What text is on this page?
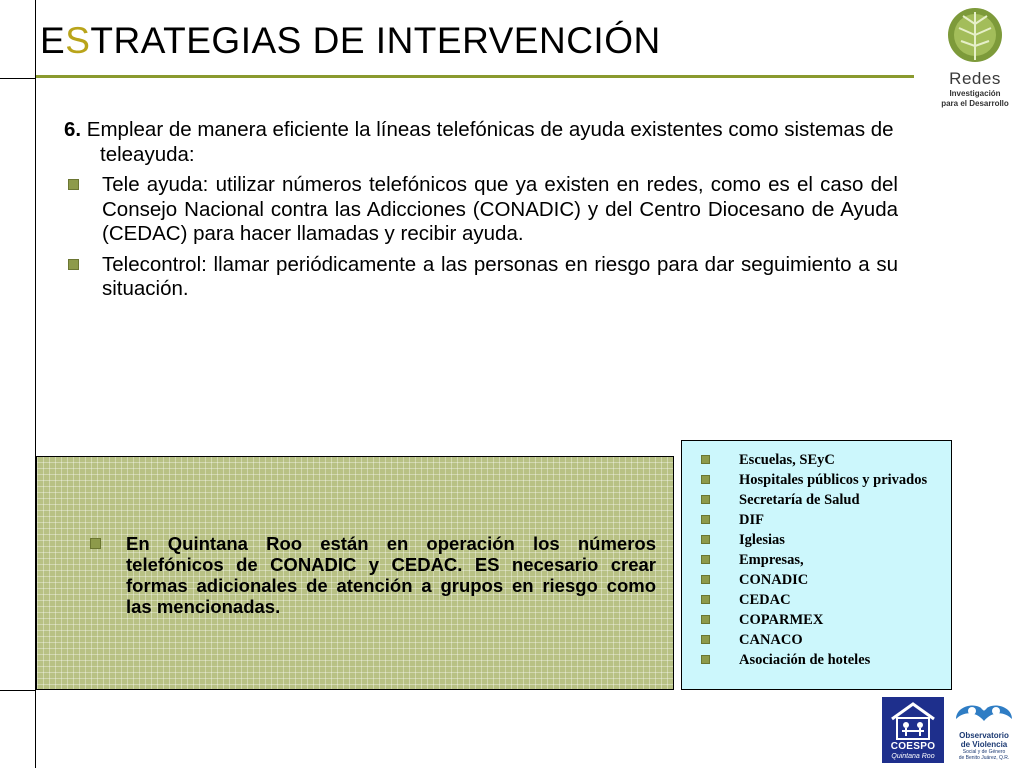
ESTRATEGIAS DE INTERVENCIÓN
Redes
Investigación
para el Desarrollo

6. Emplear de manera eficiente la líneas telefónicas de ayuda existentes como sistemas de teleayuda:

Tele ayuda: utilizar números telefónicos que ya existen en redes, como es el caso del Consejo Nacional contra las Adicciones (CONADIC) y del Centro Diocesano de Ayuda (CEDAC) para hacer llamadas y recibir ayuda.
Telecontrol: llamar periódicamente a las personas en riesgo para dar seguimiento a su situación.
En Quintana Roo están en operación los números telefónicos de CONADIC y CEDAC. ES necesario crear formas adicionales de atención a grupos en riesgo como las mencionadas.
Escuelas, SEyC
Hospitales públicos y privados
Secretaría de Salud
DIF
Iglesias
Empresas,
CONADIC
CEDAC
COPARMEX
CANACO
Asociación de hoteles
COESPO
Quintana Roo
Observatorio
de Violencia
Social y de Género
de Benito Juárez, Q.R.
